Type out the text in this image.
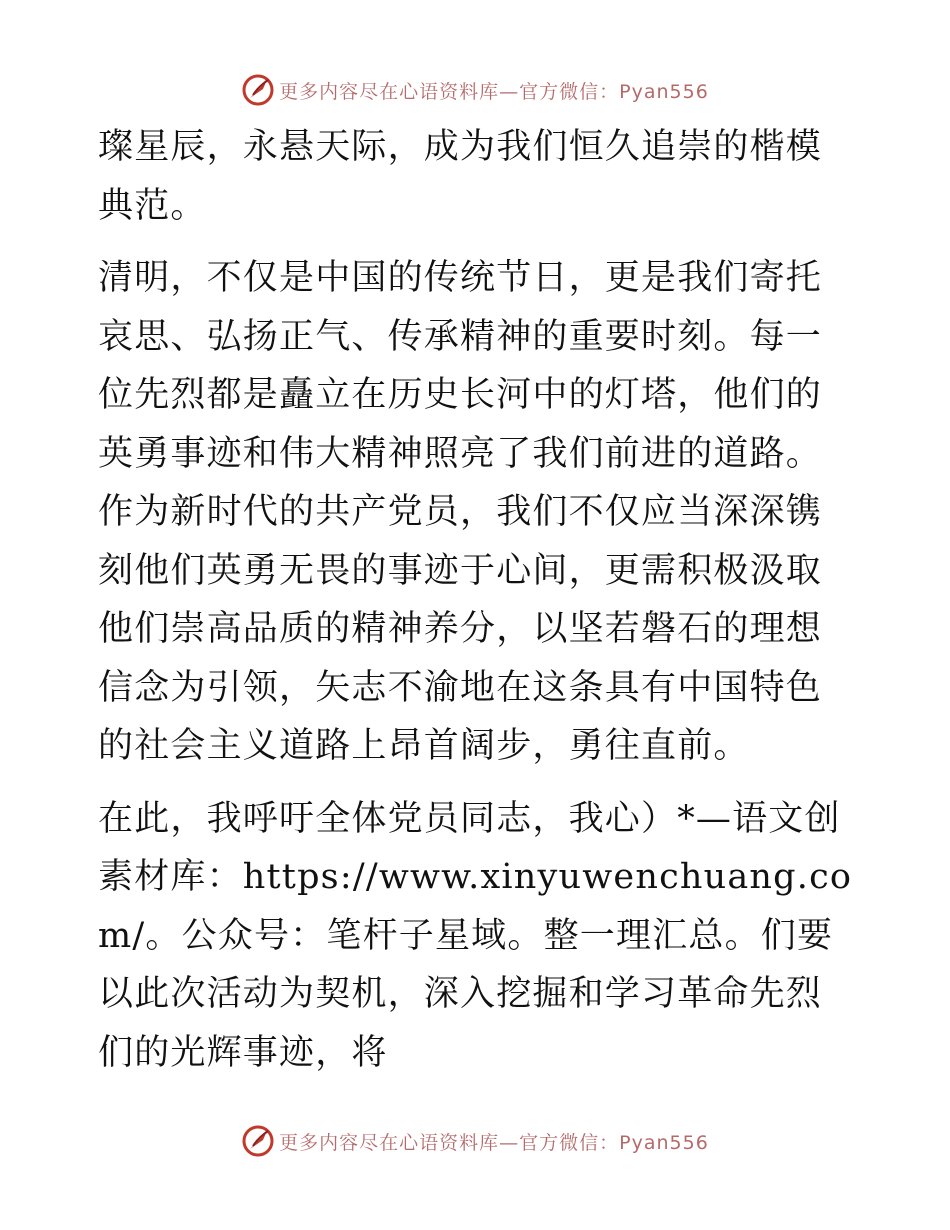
更多内容尽在心语资料库—官方微信：Pyan556

璨星辰，永悬天际，成为我们恒久追崇的楷模典范。

清明，不仅是中国的传统节日，更是我们寄托哀思、弘扬正气、传承精神的重要时刻。每一位先烈都是矗立在历史长河中的灯塔，他们的英勇事迹和伟大精神照亮了我们前进的道路。作为新时代的共产党员，我们不仅应当深深镌刻他们英勇无畏的事迹于心间，更需积极汲取他们崇高品质的精神养分，以坚若磐石的理想信念为引领，矢志不渝地在这条具有中国特色的社会主义道路上昂首阔步，勇往直前。

在此，我呼吁全体党员同志，我心）*—语文创素材库：https://www.xinyuwenchuang.com/。公众号：笔杆子星域。整一理汇总。们要以此次活动为契机，深入挖掘和学习革命先烈们的光辉事迹，将

更多内容尽在心语资料库—官方微信：Pyan556
